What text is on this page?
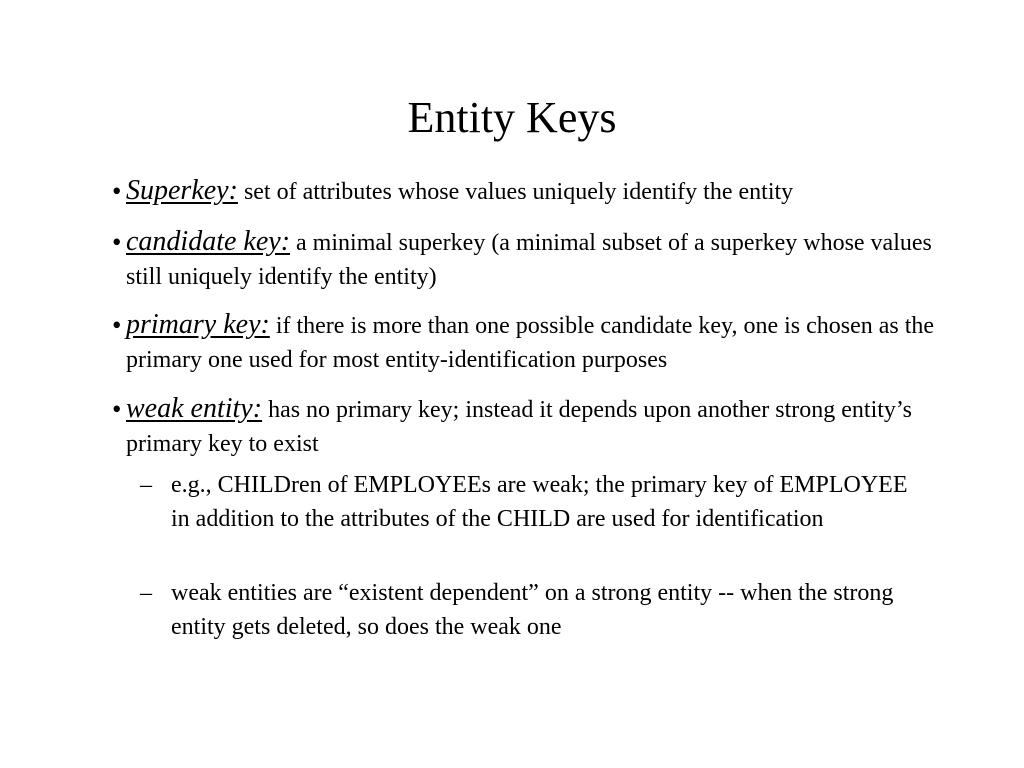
Entity Keys
• Superkey: set of attributes whose values uniquely identify the entity
• candidate key: a minimal superkey (a minimal subset of a superkey whose values still uniquely identify the entity)
• primary key: if there is more than one possible candidate key, one is chosen as the primary one used for most entity-identification purposes
• weak entity: has no primary key; instead it depends upon another strong entity’s primary key to exist
– e.g., CHILDren of EMPLOYEEs are weak; the primary key of EMPLOYEE in addition to the attributes of the CHILD are used for identification
– weak entities are “existent dependent” on a strong entity -- when the strong entity gets deleted, so does the weak one
